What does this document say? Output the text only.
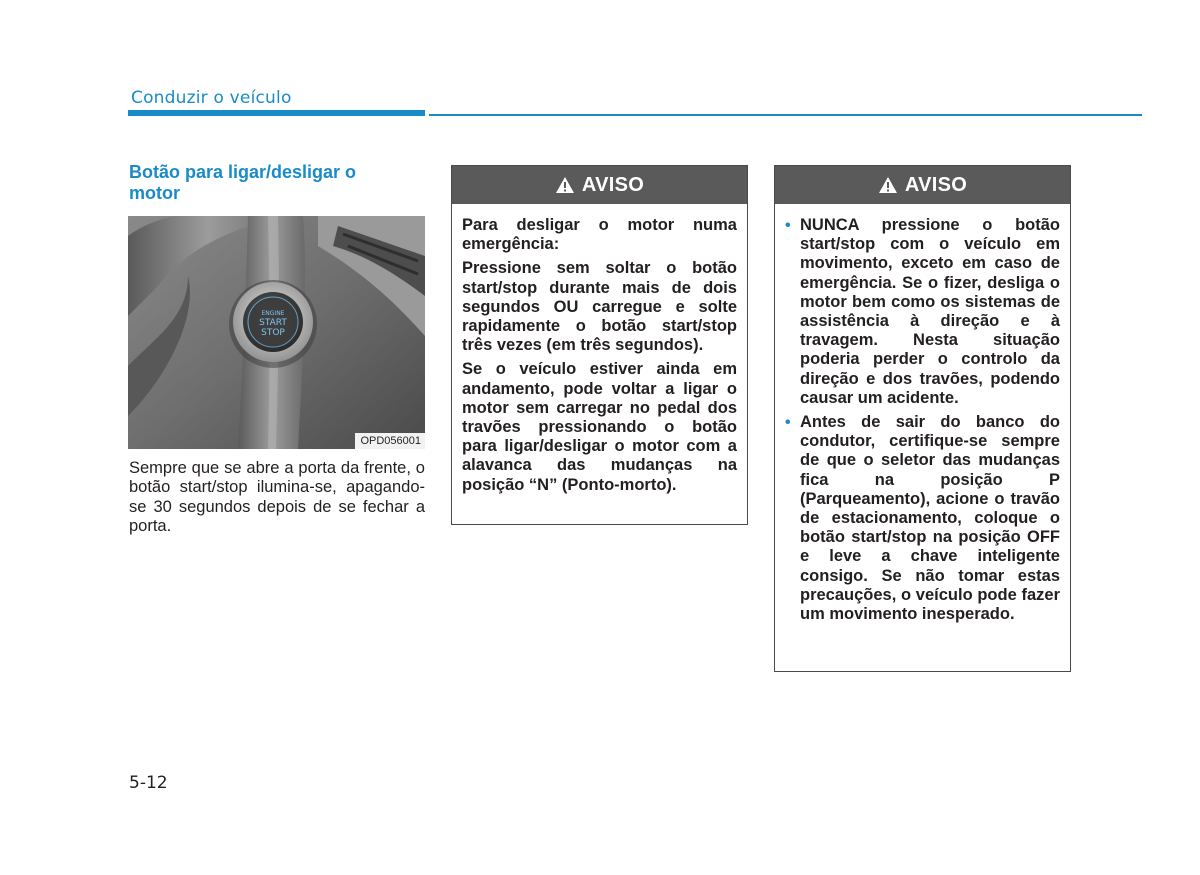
Conduzir o veículo
Botão para ligar/desligar o motor
ENGINE
START
STOP
OPD056001
Sempre que se abre a porta da frente, o botão start/stop ilumina-se, apagando-se 30 segundos depois de se fechar a porta.
AVISO

Para desligar o motor numa emergência:

Pressione sem soltar o botão start/stop durante mais de dois segundos OU carregue e solte rapidamente o botão start/stop três vezes (em três segundos).

Se o veículo estiver ainda em andamento, pode voltar a ligar o motor sem carregar no pedal dos travões pressionando o botão para ligar/desligar o motor com a alavanca das mudanças na posição “N” (Ponto-morto).

AVISO
• NUNCA pressione o botão start/stop com o veículo em movimento, exceto em caso de emergência. Se o fizer, desliga o motor bem como os sistemas de assistência à direção e à travagem. Nesta situação poderia perder o controlo da direção e dos travões, podendo causar um acidente.
• Antes de sair do banco do condutor, certifique-se sempre de que o seletor das mudanças fica na posição P (Parqueamento), acione o travão de estacionamento, coloque o botão start/stop na posição OFF e leve a chave inteligente consigo. Se não tomar estas precauções, o veículo pode fazer um movimento inesperado.
5-12
